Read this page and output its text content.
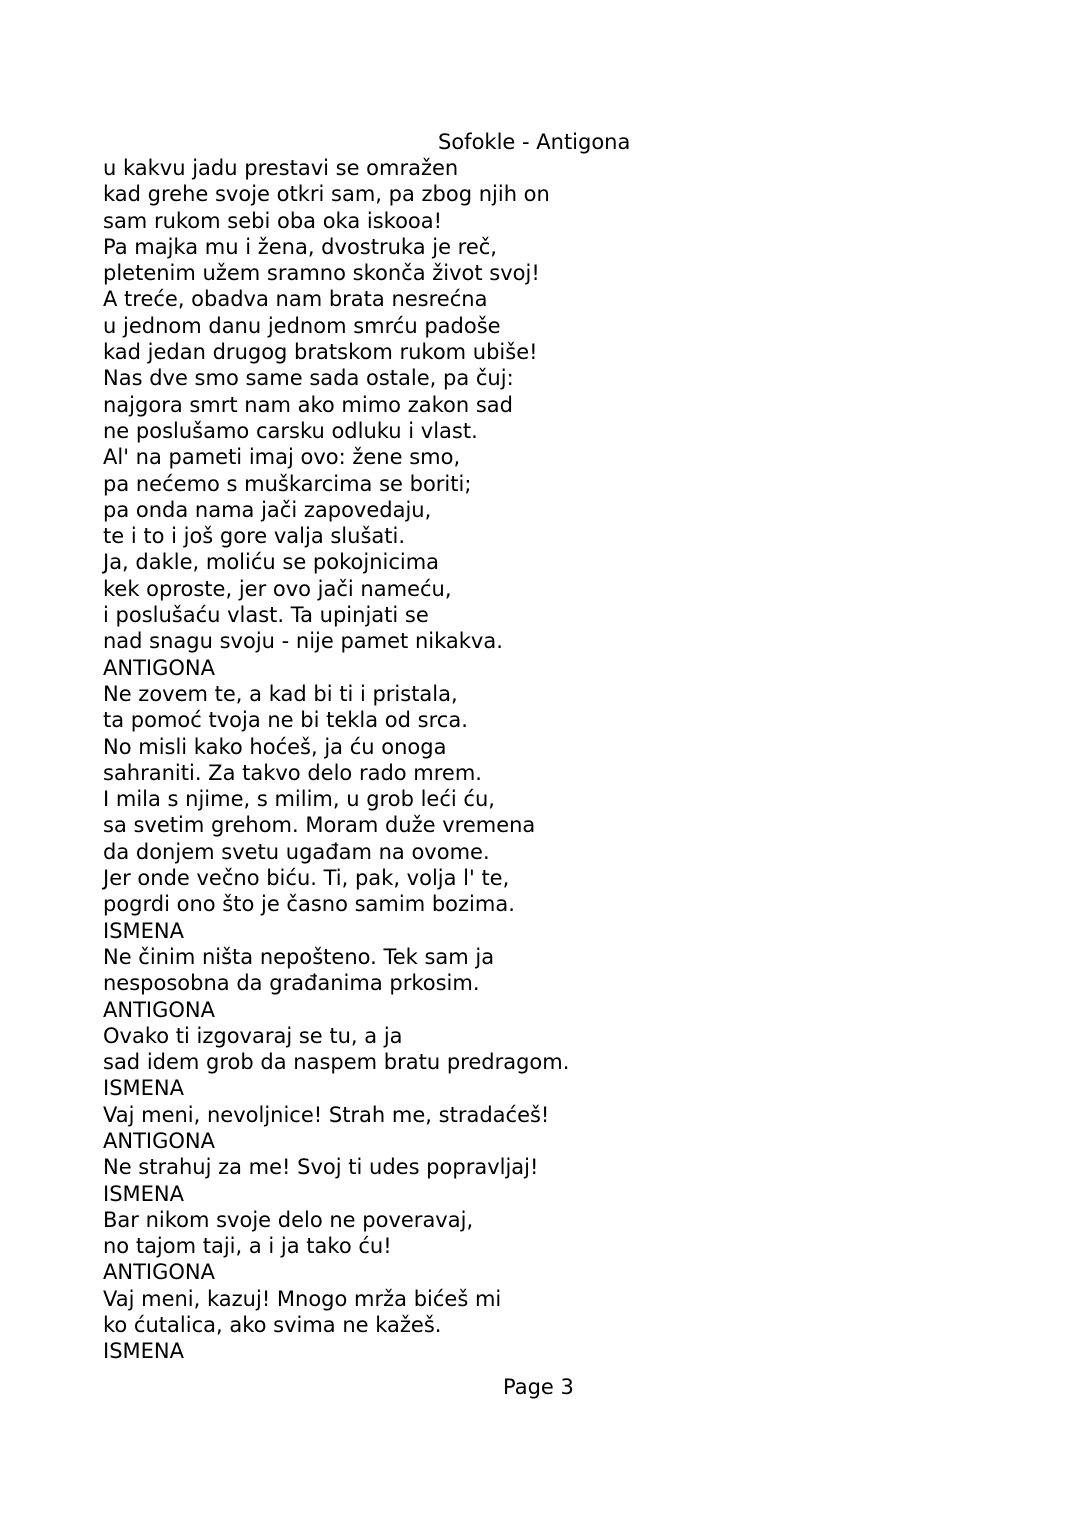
Sofokle - Antigona
u kakvu jadu prestavi se omražen
kad grehe svoje otkri sam, pa zbog njih on
sam rukom sebi oba oka iskooa!
Pa majka mu i žena, dvostruka je reč,
pletenim užem sramno skonča život svoj!
A treće, obadva nam brata nesrećna
u jednom danu jednom smrću padoše
kad jedan drugog bratskom rukom ubiše!
Nas dve smo same sada ostale, pa čuj:
najgora smrt nam ako mimo zakon sad
ne poslušamo carsku odluku i vlast.
Al' na pameti imaj ovo: žene smo,
pa nećemo s muškarcima se boriti;
pa onda nama jači zapovedaju,
te i to i još gore valja slušati.
Ja, dakle, moliću se pokojnicima
kek oproste, jer ovo jači nameću,
i poslušaću vlast. Ta upinjati se
nad snagu svoju - nije pamet nikakva.
ANTIGONA
Ne zovem te, a kad bi ti i pristala,
ta pomoć tvoja ne bi tekla od srca.
No misli kako hoćeš, ja ću onoga
sahraniti. Za takvo delo rado mrem.
I mila s njime, s milim, u grob leći ću,
sa svetim grehom. Moram duže vremena
da donjem svetu ugađam na ovome.
Jer onde večno biću. Ti, pak, volja l' te,
pogrdi ono što je časno samim bozima.
ISMENA
Ne činim ništa nepošteno. Tek sam ja
nesposobna da građanima prkosim.
ANTIGONA
Ovako ti izgovaraj se tu, a ja
sad idem grob da naspem bratu predragom.
ISMENA
Vaj meni, nevoljnice! Strah me, stradaćeš!
ANTIGONA
Ne strahuj za me! Svoj ti udes popravljaj!
ISMENA
Bar nikom svoje delo ne poveravaj,
no tajom taji, a i ja tako ću!
ANTIGONA
Vaj meni, kazuj! Mnogo mrža bićeš mi
ko ćutalica, ako svima ne kažeš.
ISMENA
Page 3
